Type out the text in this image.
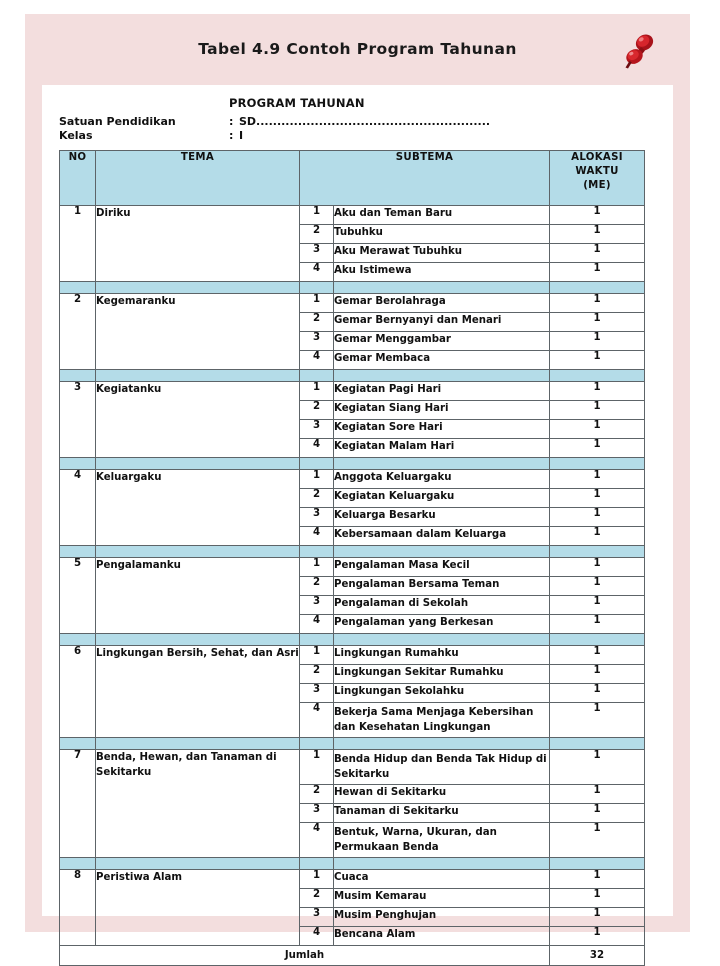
Tabel 4.9 Contoh Program Tahunan
PROGRAM TAHUNAN
Satuan Pendidikan	: SD........................................................
Kelas	: I
NO	TEMA	SUBTEMA		ALOKASI
WAKTU
(ME)

1	Diriku	1	Aku dan Teman Baru	1
		2	Tubuhku	1
		3	Aku Merawat Tubuhku	1
		4	Aku Istimewa	1

2	Kegemaranku	1	Gemar Berolahraga	1
		2	Gemar Bernyanyi dan Menari	1
		3	Gemar Menggambar	1
		4	Gemar Membaca	1

3	Kegiatanku	1	Kegiatan Pagi Hari	1
		2	Kegiatan Siang Hari	1
		3	Kegiatan Sore Hari	1
		4	Kegiatan Malam Hari	1

4	Keluargaku	1	Anggota Keluargaku	1
		2	Kegiatan Keluargaku	1
		3	Keluarga Besarku	1
		4	Kebersamaan dalam Keluarga	1

5	Pengalamanku	1	Pengalaman Masa Kecil	1
		2	Pengalaman Bersama Teman	1
		3	Pengalaman di Sekolah	1
		4	Pengalaman yang Berkesan	1

6	Lingkungan Bersih, Sehat, dan Asri	1	Lingkungan Rumahku	1
		2	Lingkungan Sekitar Rumahku	1
		3	Lingkungan Sekolahku	1
		4	Bekerja Sama Menjaga Kebersihan dan Kesehatan Lingkungan	1

7	Benda, Hewan, dan Tanaman di Sekitarku	1	Benda Hidup dan Benda Tak Hidup di Sekitarku	1
		2	Hewan di Sekitarku	1
		3	Tanaman di Sekitarku	1
		4	Bentuk, Warna, Ukuran, dan Permukaan Benda	1

8	Peristiwa Alam	1	Cuaca	1
		2	Musim Kemarau	1
		3	Musim Penghujan	1
		4	Bencana Alam	1
Jumlah				32
